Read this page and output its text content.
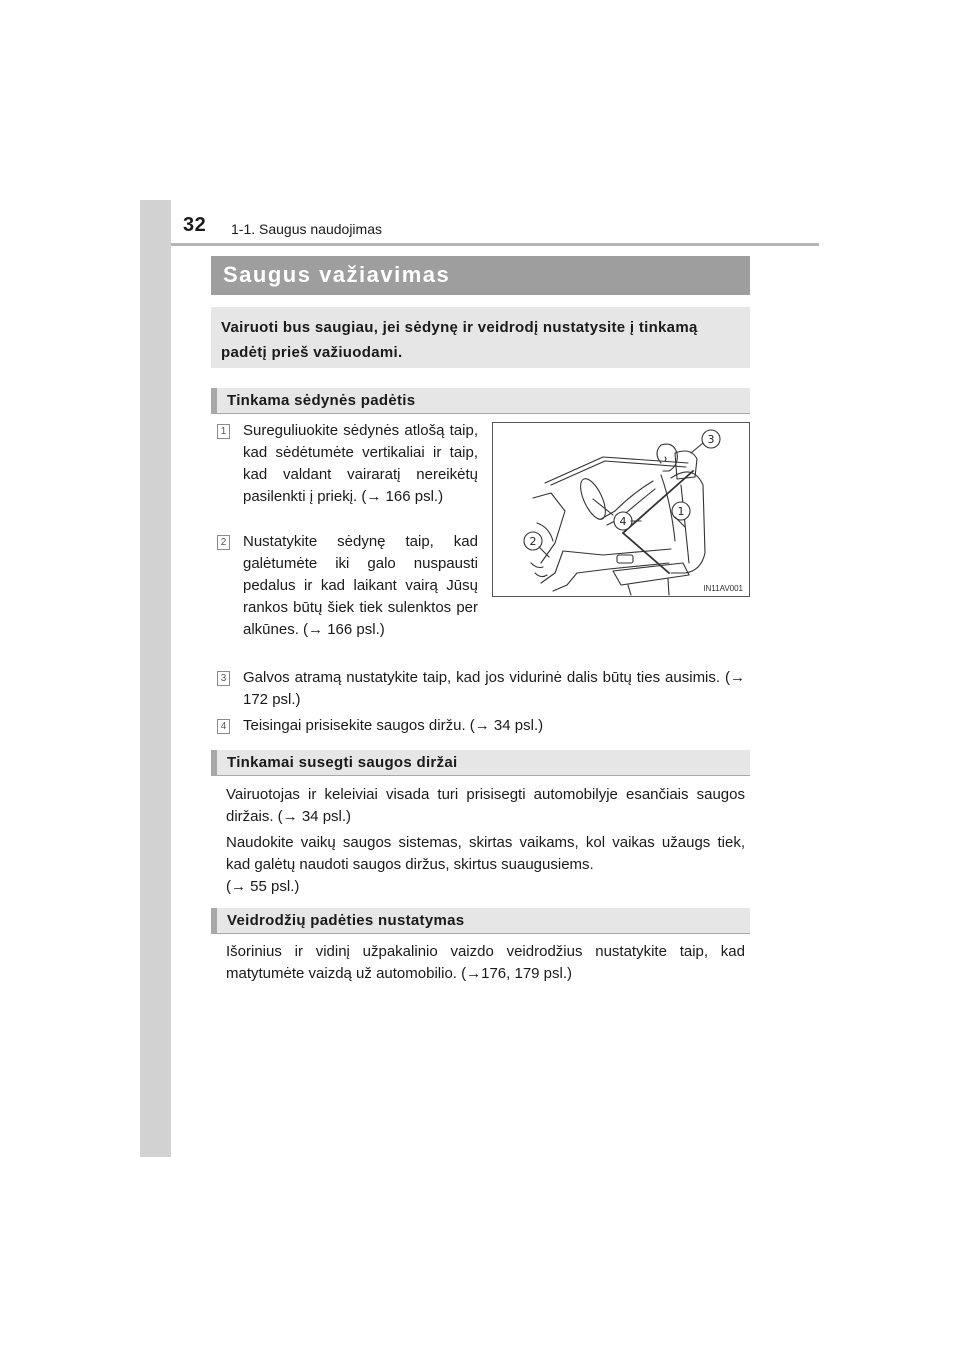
32 1-1. Saugus naudojimas
Saugus važiavimas
Vairuoti bus saugiau, jei sėdynę ir veidrodį nustatysite į tinkamą padėtį prieš važiuodami.
Tinkama sėdynės padėtis
1 Sureguliuokite sėdynės atlošą taip, kad sėdėtumėte vertikaliai ir taip, kad valdant vairaratį nereikėtų pasilenkti į priekį. (→ 166 psl.)

2 Nustatykite sėdynę taip, kad galėtumėte iki galo nuspausti pedalus ir kad laikant vairą Jūsų rankos būtų šiek tiek sulenktos per alkūnes. (→ 166 psl.)

1
2
3
4
IN11AV001
3 Galvos atramą nustatykite taip, kad jos vidurinė dalis būtų ties ausimis. (→ 172 psl.)

4 Teisingai prisisekite saugos diržu. (→ 34 psl.)

Tinkamai susegti saugos diržai

Vairuotojas ir keleiviai visada turi prisisegti automobilyje esančiais saugos diržais. (→ 34 psl.)

Naudokite vaikų saugos sistemas, skirtas vaikams, kol vaikas užaugs tiek, kad galėtų naudoti saugos diržus, skirtus suaugusiems.
(→ 55 psl.)

Veidrodžių padėties nustatymas

Išorinius ir vidinį užpakalinio vaizdo veidrodžius nustatykite taip, kad matytumėte vaizdą už automobilio. (→176, 179 psl.)
